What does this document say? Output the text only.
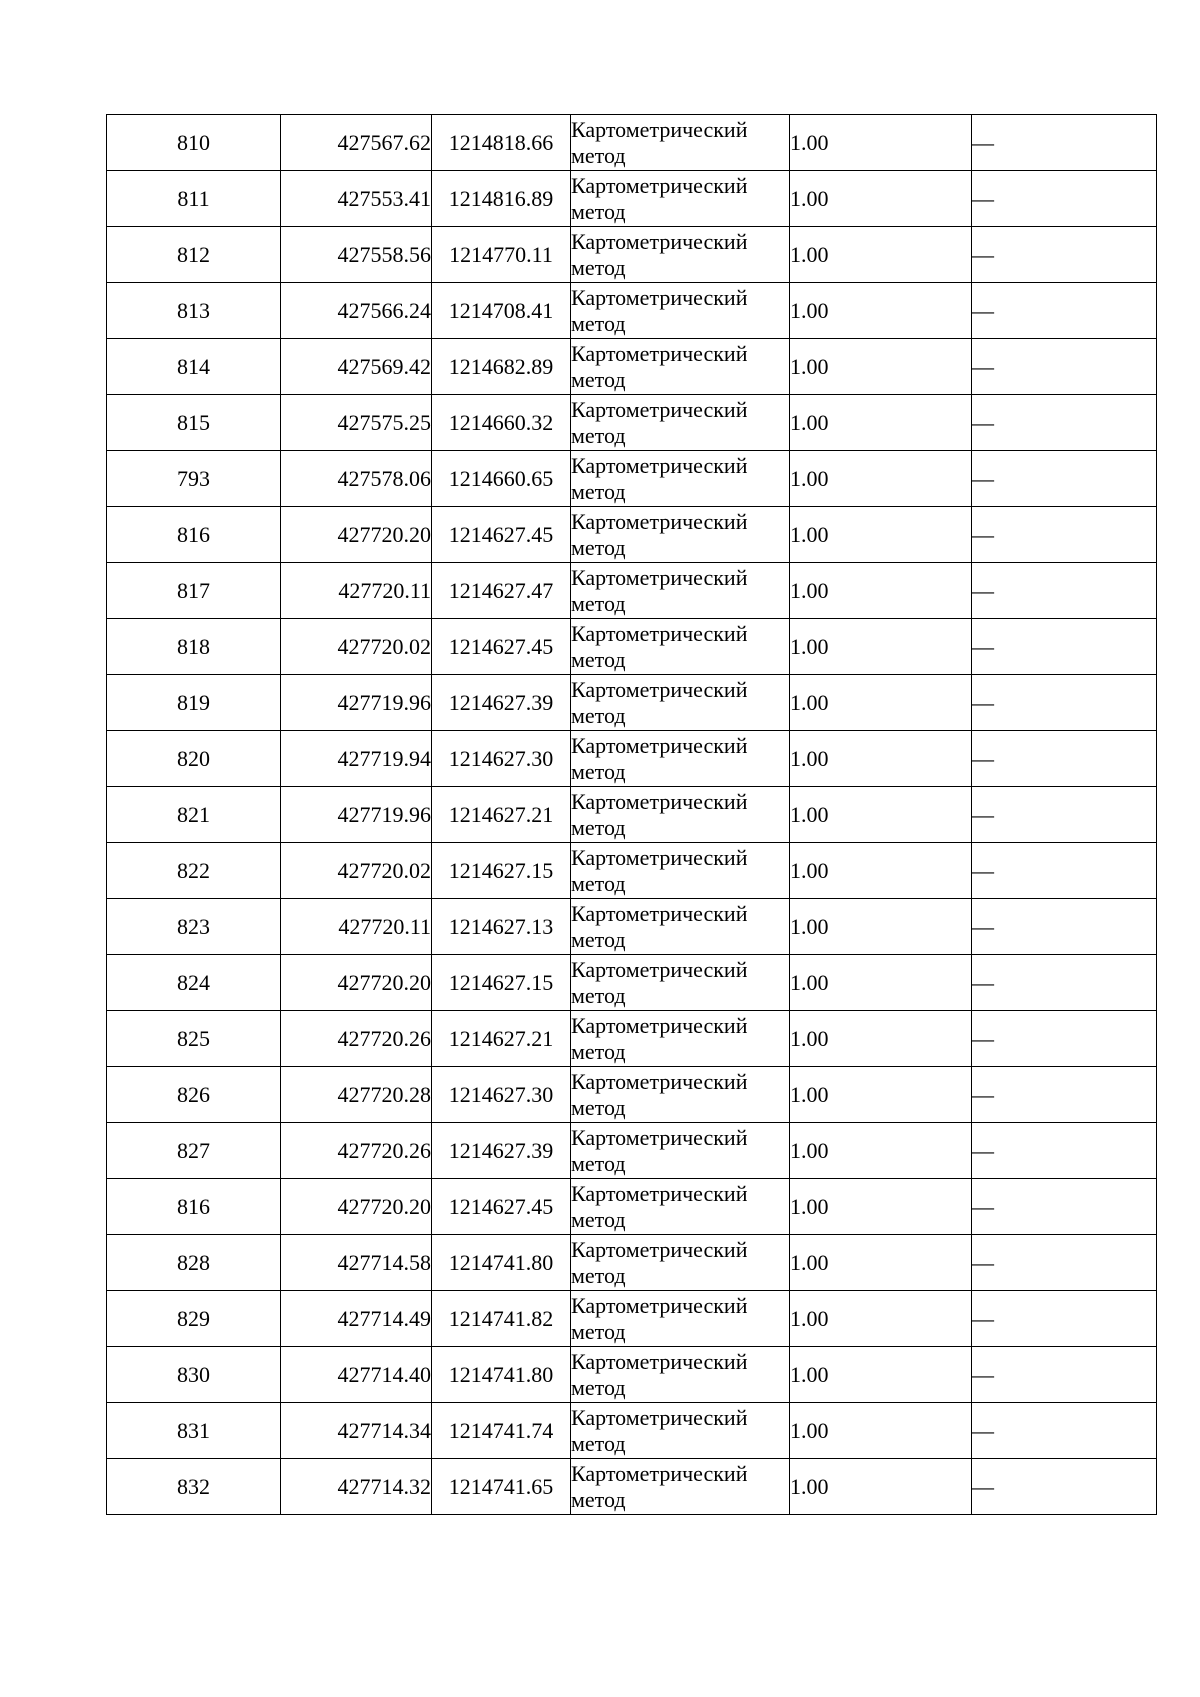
810	427567.62	1214818.66	Картометрический
метод	1.00	—
811	427553.41	1214816.89	Картометрический
метод	1.00	—
812	427558.56	1214770.11	Картометрический
метод	1.00	—
813	427566.24	1214708.41	Картометрический
метод	1.00	—
814	427569.42	1214682.89	Картометрический
метод	1.00	—
815	427575.25	1214660.32	Картометрический
метод	1.00	—
793	427578.06	1214660.65	Картометрический
метод	1.00	—
816	427720.20	1214627.45	Картометрический
метод	1.00	—
817	427720.11	1214627.47	Картометрический
метод	1.00	—
818	427720.02	1214627.45	Картометрический
метод	1.00	—
819	427719.96	1214627.39	Картометрический
метод	1.00	—
820	427719.94	1214627.30	Картометрический
метод	1.00	—
821	427719.96	1214627.21	Картометрический
метод	1.00	—
822	427720.02	1214627.15	Картометрический
метод	1.00	—
823	427720.11	1214627.13	Картометрический
метод	1.00	—
824	427720.20	1214627.15	Картометрический
метод	1.00	—
825	427720.26	1214627.21	Картометрический
метод	1.00	—
826	427720.28	1214627.30	Картометрический
метод	1.00	—
827	427720.26	1214627.39	Картометрический
метод	1.00	—
816	427720.20	1214627.45	Картометрический
метод	1.00	—
828	427714.58	1214741.80	Картометрический
метод	1.00	—
829	427714.49	1214741.82	Картометрический
метод	1.00	—
830	427714.40	1214741.80	Картометрический
метод	1.00	—
831	427714.34	1214741.74	Картометрический
метод	1.00	—
832	427714.32	1214741.65	Картометрический
метод	1.00	—
